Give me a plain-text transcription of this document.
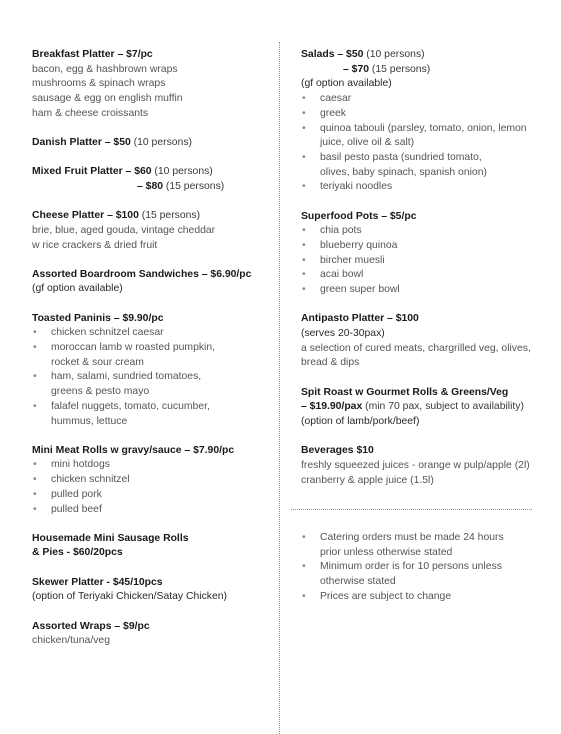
Breakfast Platter – $7/pc
bacon, egg & hashbrown wraps
mushrooms & spinach wraps
sausage & egg on english muffin
ham & cheese croissants
Danish Platter – $50 (10 persons)
Mixed Fruit Platter – $60 (10 persons)
– $80 (15 persons)
Cheese Platter – $100 (15 persons)
brie, blue, aged gouda, vintage cheddar
w rice crackers & dried fruit
Assorted Boardroom Sandwiches – $6.90/pc
(gf option available)
Toasted Paninis – $9.90/pc
• chicken schnitzel caesar
• moroccan lamb w roasted pumpkin,
rocket & sour cream
• ham, salami, sundried tomatoes,
greens & pesto mayo
• falafel nuggets, tomato, cucumber,
hummus, lettuce
Mini Meat Rolls w gravy/sauce – $7.90/pc
• mini hotdogs
• chicken schnitzel
• pulled pork
• pulled beef
Housemade Mini Sausage Rolls
& Pies - $60/20pcs
Skewer Platter - $45/10pcs
(option of Teriyaki Chicken/Satay Chicken)
Assorted Wraps – $9/pc
chicken/tuna/veg
Salads – $50 (10 persons)
– $70 (15 persons)
(gf option available)
• caesar
• greek
• quinoa tabouli (parsley, tomato, onion, lemon
juice, olive oil & salt)
• basil pesto pasta (sundried tomato,
olives, baby spinach, spanish onion)
• teriyaki noodles
Superfood Pots – $5/pc
• chia pots
• blueberry quinoa
• bircher muesli
• acai bowl
• green super bowl
Antipasto Platter – $100
(serves 20-30pax)
a selection of cured meats, chargrilled veg, olives,
bread & dips
Spit Roast w Gourmet Rolls & Greens/Veg
– $19.90/pax (min 70 pax, subject to availability)
(option of lamb/pork/beef)
Beverages $10
freshly squeezed juices - orange w pulp/apple (2l)
cranberry & apple juice (1.5l)
• Catering orders must be made 24 hours
prior unless otherwise stated
• Minimum order is for 10 persons unless
otherwise stated
• Prices are subject to change
